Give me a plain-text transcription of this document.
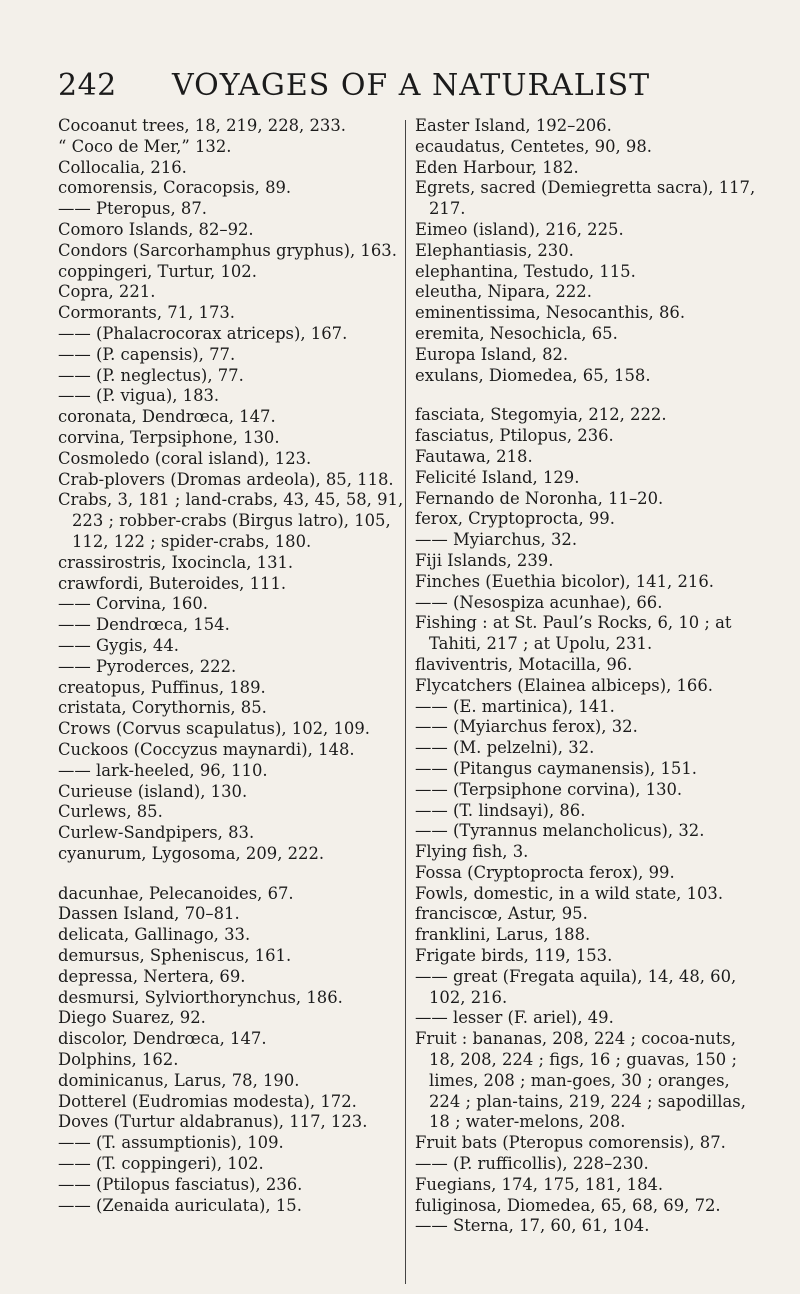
242 VOYAGES OF A NATURALIST
Cocoanut trees, 18, 219, 228, 233.
“ Coco de Mer,” 132.
Collocalia, 216.
comorensis, Coracopsis, 89.
—— Pteropus, 87.
Comoro Islands, 82–92.
Condors (Sarcorhamphus gryphus), 163.
coppingeri, Turtur, 102.
Copra, 221.
Cormorants, 71, 173.
—— (Phalacrocorax atriceps), 167.
—— (P. capensis), 77.
—— (P. neglectus), 77.
—— (P. vigua), 183.
coronata, Dendrœca, 147.
corvina, Terpsiphone, 130.
Cosmoledo (coral island), 123.
Crab-plovers (Dromas ardeola), 85, 118.
Crabs, 3, 181 ; land-crabs, 43, 45, 58, 91, 223 ; robber-crabs (Birgus latro), 105, 112, 122 ; spider-crabs, 180.
crassirostris, Ixocincla, 131.
crawfordi, Buteroides, 111.
—— Corvina, 160.
—— Dendrœca, 154.
—— Gygis, 44.
—— Pyroderces, 222.
creatopus, Puffinus, 189.
cristata, Corythornis, 85.
Crows (Corvus scapulatus), 102, 109.
Cuckoos (Coccyzus maynardi), 148.
—— lark-heeled, 96, 110.
Curieuse (island), 130.
Curlews, 85.
Curlew-Sandpipers, 83.
cyanurum, Lygosoma, 209, 222.
dacunhae, Pelecanoides, 67.
Dassen Island, 70–81.
delicata, Gallinago, 33.
demursus, Spheniscus, 161.
depressa, Nertera, 69.
desmursi, Sylviorthorynchus, 186.
Diego Suarez, 92.
discolor, Dendrœca, 147.
Dolphins, 162.
dominicanus, Larus, 78, 190.
Dotterel (Eudromias modesta), 172.
Doves (Turtur aldabranus), 117, 123.
—— (T. assumptionis), 109.
—— (T. coppingeri), 102.
—— (Ptilopus fasciatus), 236.
—— (Zenaida auriculata), 15.
Easter Island, 192–206.
ecaudatus, Centetes, 90, 98.
Eden Harbour, 182.
Egrets, sacred (Demiegretta sacra), 117, 217.
Eimeo (island), 216, 225.
Elephantiasis, 230.
elephantina, Testudo, 115.
eleutha, Nipara, 222.
eminentissima, Nesocanthis, 86.
eremita, Nesochicla, 65.
Europa Island, 82.
exulans, Diomedea, 65, 158.
fasciata, Stegomyia, 212, 222.
fasciatus, Ptilopus, 236.
Fautawa, 218.
Felicité Island, 129.
Fernando de Noronha, 11–20.
ferox, Cryptoprocta, 99.
—— Myiarchus, 32.
Fiji Islands, 239.
Finches (Euethia bicolor), 141, 216.
—— (Nesospiza acunhae), 66.
Fishing : at St. Paul’s Rocks, 6, 10 ; at Tahiti, 217 ; at Upolu, 231.
flaviventris, Motacilla, 96.
Flycatchers (Elainea albiceps), 166.
—— (E. martinica), 141.
—— (Myiarchus ferox), 32.
—— (M. pelzelni), 32.
—— (Pitangus caymanensis), 151.
—— (Terpsiphone corvina), 130.
—— (T. lindsayi), 86.
—— (Tyrannus melancholicus), 32.
Flying fish, 3.
Fossa (Cryptoprocta ferox), 99.
Fowls, domestic, in a wild state, 103.
franciscœ, Astur, 95.
franklini, Larus, 188.
Frigate birds, 119, 153.
—— great (Fregata aquila), 14, 48, 60, 102, 216.
—— lesser (F. ariel), 49.
Fruit : bananas, 208, 224 ; cocoa-nuts, 18, 208, 224 ; figs, 16 ; guavas, 150 ; limes, 208 ; man-goes, 30 ; oranges, 224 ; plan-tains, 219, 224 ; sapodillas, 18 ; water-melons, 208.
Fruit bats (Pteropus comorensis), 87.
—— (P. rufficollis), 228–230.
Fuegians, 174, 175, 181, 184.
fuliginosa, Diomedea, 65, 68, 69, 72.
—— Sterna, 17, 60, 61, 104.
